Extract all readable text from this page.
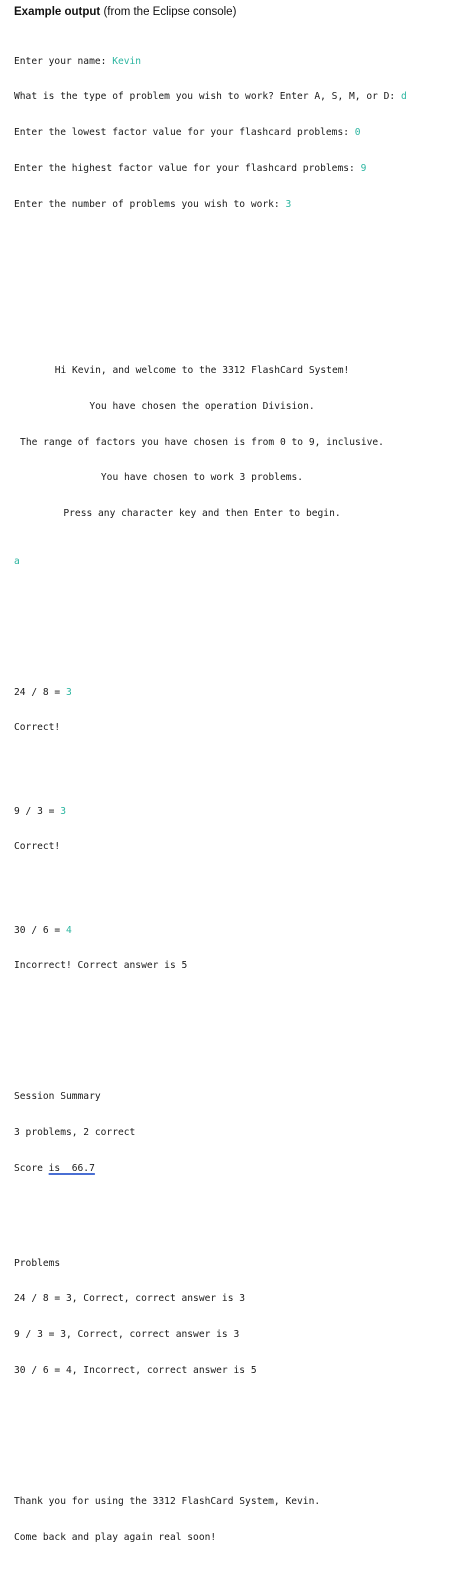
Example output (from the Eclipse console)

Enter your name: Kevin

What is the type of problem you wish to work? Enter A, S, M, or D: d

Enter the lowest factor value for your flashcard problems: 0

Enter the highest factor value for your flashcard problems: 9

Enter the number of problems you wish to work: 3

Hi Kevin, and welcome to the 3312 FlashCard System!

You have chosen the operation Division.

The range of factors you have chosen is from 0 to 9, inclusive.

You have chosen to work 3 problems.

Press any character key and then Enter to begin.

a

24 / 8 = 3

Correct!

9 / 3 = 3

Correct!

30 / 6 = 4

Incorrect! Correct answer is 5

Session Summary

3 problems, 2 correct

Score is  66.7

Problems

24 / 8 = 3, Correct, correct answer is 3

9 / 3 = 3, Correct, correct answer is 3

30 / 6 = 4, Incorrect, correct answer is 5

Thank you for using the 3312 FlashCard System, Kevin.

Come back and play again real soon!
